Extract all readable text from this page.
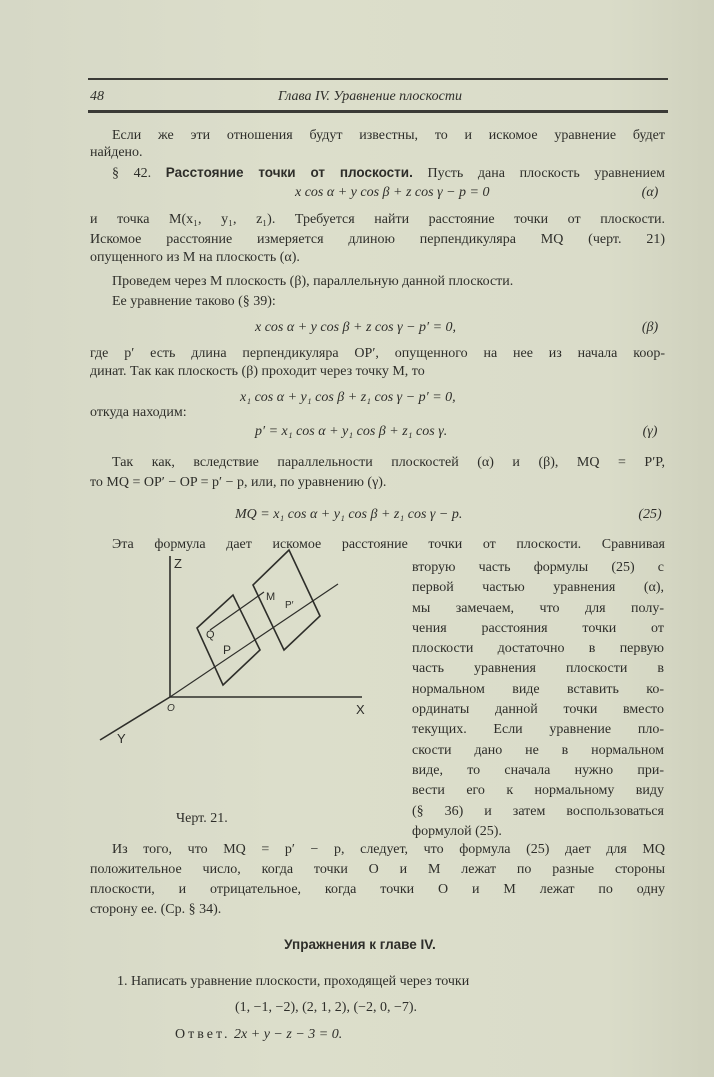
48	Глава IV. Уравнение плоскости
Если же эти отношения будут известны, то и искомое уравнение будет
найдено.
§ 42. Расстояние точки от плоскости. Пусть дана плоскость уравнением
x cos α + y cos β + z cos γ − p = 0	(α)
и точка M(x₁, y₁, z₁). Требуется найти расстояние точки от плоскости.
Искомое расстояние измеряется длиною перпендикуляра MQ (черт. 21)
опущенного из M на плоскость (α).
Проведем через M плоскость (β), параллельную данной плоскости.
Ее уравнение таково (§ 39):
x cos α + y cos β + z cos γ − p′ = 0,	(β)
где p′ есть длина перпендикуляра OP′, опущенного на нее из начала коор-
динат. Так как плоскость (β) проходит через точку M, то
x₁ cos α + y₁ cos β + z₁ cos γ − p′ = 0,
откуда находим:
p′ = x₁ cos α + y₁ cos β + z₁ cos γ.	(γ)
Так как, вследствие параллельности плоскостей (α) и (β), MQ = P′P,
то MQ = OP′ − OP = p′ − p, или, по уравнению (γ).
MQ = x₁ cos α + y₁ cos β + z₁ cos γ − p.	(25)
Эта формула дает искомое расстояние точки от плоскости. Сравнивая
вторую часть формулы (25) с
первой частью уравнения (α),
мы замечаем, что для полу-
чения расстояния точки от
плоскости достаточно в первую
часть уравнения плоскости в
нормальном виде вставить ко-
ординаты данной точки вместо
текущих. Если уравнение пло-
скости дано не в нормальном
виде, то сначала нужно при-
вести его к нормальному виду
(§ 36) и затем воспользоваться
формулой (25).
Z
X
Y
O
M
P′
Q
P
Черт. 21.
Из того, что MQ = p′ − p, следует, что формула (25) дает для MQ
положительное число, когда точки O и M лежат по разные стороны
плоскости, и отрицательное, когда точки O и M лежат по одну
сторону ее. (Ср. § 34).
Упражнения к главе IV.
1. Написать уравнение плоскости, проходящей через точки
(1, −1, −2), (2, 1, 2), (−2, 0, −7).
Ответ. 2x + y − z − 3 = 0.
